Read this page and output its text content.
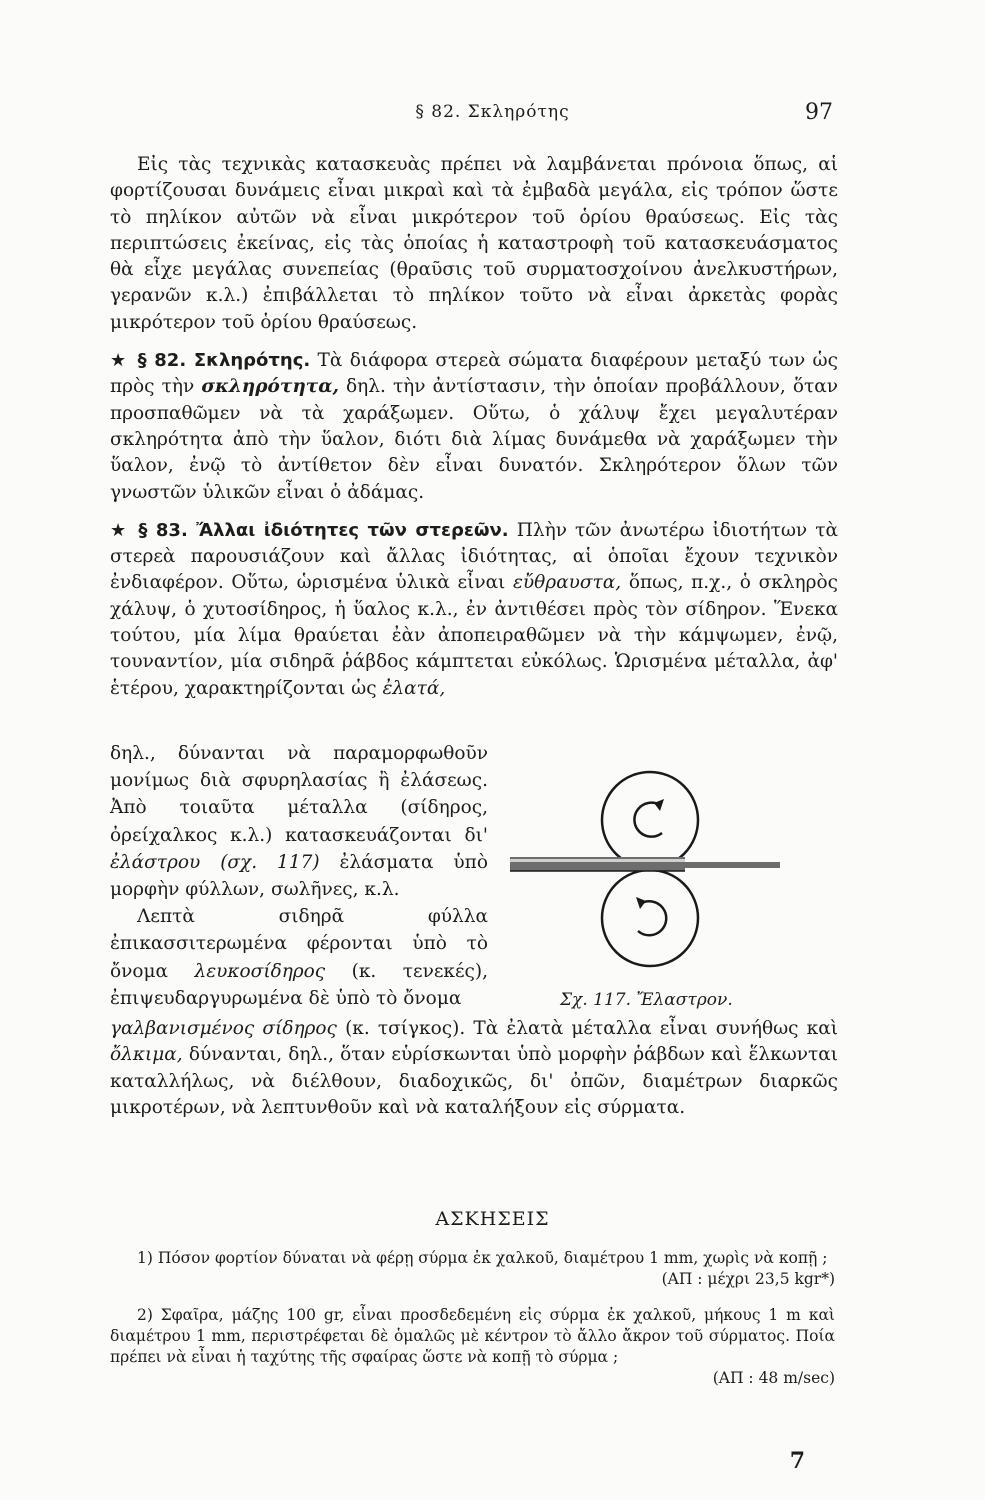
§ 82. Σκληρότης	97

Εἰς τὰς τεχνικὰς κατασκευὰς πρέπει νὰ λαμβάνεται πρόνοια ὅπως, αἱ φορτίζουσαι δυνάμεις εἶναι μικραὶ καὶ τὰ ἐμβαδὰ μεγάλα, εἰς τρόπον ὥστε τὸ πηλίκον αὐτῶν νὰ εἶναι μικρότερον τοῦ ὁρίου θραύσεως. Εἰς τὰς περιπτώσεις ἐκείνας, εἰς τὰς ὁποίας ἡ καταστροφὴ τοῦ κατασκευάσματος θὰ εἶχε μεγάλας συνεπείας (θραῦσις τοῦ συρματοσχοίνου ἀνελκυστήρων, γερανῶν κ.λ.) ἐπιβάλλεται τὸ πηλίκον τοῦτο νὰ εἶναι ἀρκετὰς φορὰς μικρότερον τοῦ ὁρίου θραύσεως.

★ § 82. Σκληρότης. Τὰ διάφορα στερεὰ σώματα διαφέρουν μεταξύ των ὡς πρὸς τὴν σκληρότητα, δηλ. τὴν ἀντίστασιν, τὴν ὁποίαν προβάλλουν, ὅταν προσπαθῶμεν νὰ τὰ χαράξωμεν. Οὕτω, ὁ χάλυψ ἔχει μεγαλυτέραν σκληρότητα ἀπὸ τὴν ὕαλον, διότι διὰ λίμας δυνάμεθα νὰ χαράξωμεν τὴν ὕαλον, ἐνῷ τὸ ἀντίθετον δὲν εἶναι δυνατόν. Σκληρότερον ὅλων τῶν γνωστῶν ὑλικῶν εἶναι ὁ ἀδάμας.

★ § 83. Ἄλλαι ἰδιότητες τῶν στερεῶν. Πλὴν τῶν ἀνωτέρω ἰδιοτήτων τὰ στερεὰ παρουσιάζουν καὶ ἄλλας ἰδιότητας, αἱ ὁποῖαι ἔχουν τεχνικὸν ἐνδιαφέρον. Οὕτω, ὡρισμένα ὑλικὰ εἶναι εὔθραυστα, ὅπως, π.χ., ὁ σκληρὸς χάλυψ, ὁ χυτοσίδηρος, ἡ ὕαλος κ.λ., ἐν ἀντιθέσει πρὸς τὸν σίδηρον. Ἕνεκα τούτου, μία λίμα θραύεται ἐὰν ἀποπειραθῶμεν νὰ τὴν κάμψωμεν, ἐνῷ, τουναντίον, μία σιδηρᾶ ῥάβδος κάμπτεται εὐκόλως. Ὡρισμένα μέταλλα, ἀφ' ἑτέρου, χαρακτηρίζονται ὡς ἐλατά,

δηλ., δύνανται νὰ παραμορφωθοῦν μονίμως διὰ σφυρηλασίας ἢ ἐλάσεως. Ἀπὸ τοιαῦτα μέταλλα (σίδηρος, ὀρείχαλκος κ.λ.) κατασκευάζονται δι' ἐλάστρου (σχ. 117) ἐλάσματα ὑπὸ μορφὴν φύλλων, σωλῆνες, κ.λ.

Λεπτὰ σιδηρᾶ φύλλα ἐπικασσιτερωμένα φέρονται ὑπὸ τὸ ὄνομα λευκοσίδηρος (κ. τενεκές), ἐπιψευδαργυρωμένα δὲ ὑπὸ τὸ ὄνομα

γαλβανισμένος σίδηρος (κ. τσίγκος). Τὰ ἐλατὰ μέταλλα εἶναι συνήθως καὶ ὄλκιμα, δύνανται, δηλ., ὅταν εὑρίσκωνται ὑπὸ μορφὴν ῥάβδων καὶ ἕλκωνται καταλλήλως, νὰ διέλθουν, διαδοχικῶς, δι' ὀπῶν, διαμέτρων διαρκῶς μικροτέρων, νὰ λεπτυνθοῦν καὶ νὰ καταλήξουν εἰς σύρματα.

Σχ. 117. Ἔλαστρον.
ΑΣΚΗΣΕΙΣ
1) Πόσον φορτίον δύναται νὰ φέρῃ σύρμα ἐκ χαλκοῦ, διαμέτρου 1 mm, χωρὶς νὰ κοπῇ ;
(ΑΠ : μέχρι 23,5 kgr*)
2) Σφαῖρα, μάζης 100 gr, εἶναι προσδεδεμένη εἰς σύρμα ἐκ χαλκοῦ, μήκους 1 m καὶ διαμέτρου 1 mm, περιστρέφεται δὲ ὁμαλῶς μὲ κέντρον τὸ ἄλλο ἄκρον τοῦ σύρματος. Ποία πρέπει νὰ εἶναι ἡ ταχύτης τῆς σφαίρας ὥστε νὰ κοπῇ τὸ σύρμα ;
(ΑΠ : 48 m/sec)
7
